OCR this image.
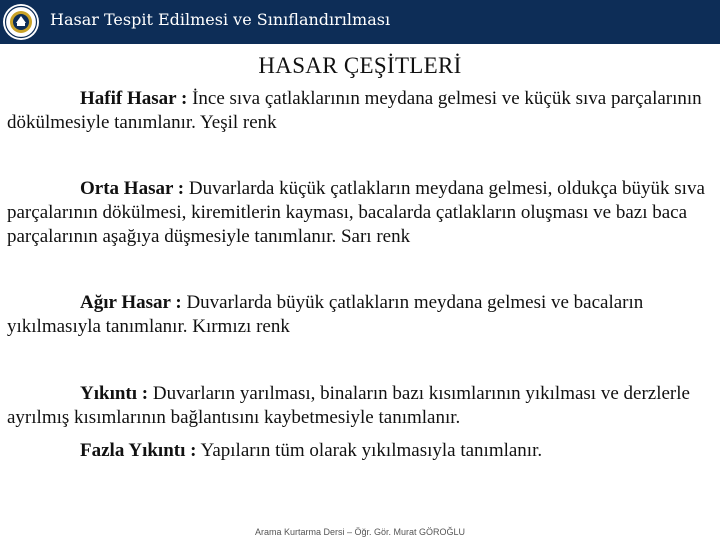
Hasar Tespit Edilmesi ve Sınıflandırılması
HASAR ÇEŞİTLERİ

Hafif Hasar : İnce sıva çatlaklarının meydana gelmesi ve küçük sıva parçalarının dökülmesiyle tanımlanır. Yeşil renk

Orta Hasar : Duvarlarda küçük çatlakların meydana gelmesi, oldukça büyük sıva parçalarının dökülmesi, kiremitlerin kayması, bacalarda çatlakların oluşması ve bazı baca parçalarının aşağıya düşmesiyle tanımlanır. Sarı renk

Ağır Hasar : Duvarlarda büyük çatlakların meydana gelmesi ve bacaların yıkılmasıyla tanımlanır. Kırmızı renk

Yıkıntı : Duvarların yarılması, binaların bazı kısımlarının yıkılması ve derzlerle ayrılmış kısımlarının bağlantısını kaybetmesiyle tanımlanır.

Fazla Yıkıntı : Yapıların tüm olarak yıkılmasıyla tanımlanır.

Arama Kurtarma Dersi – Öğr. Gör. Murat GÖROĞLU
